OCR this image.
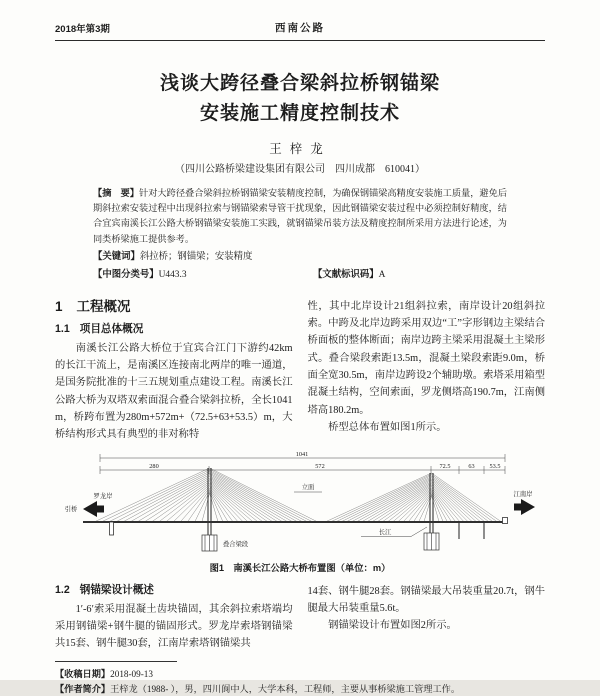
2018年第3期	西南公路
浅谈大跨径叠合梁斜拉桥钢锚梁
安装施工精度控制技术
王梓龙
（四川公路桥梁建设集团有限公司　四川成都　610041）
【摘　要】针对大跨径叠合梁斜拉桥钢锚梁安装精度控制，为确保钢锚梁高精度安装施工质量，避免后期斜拉索安装过程中出现斜拉索与钢锚梁索导管干扰现象，因此钢锚梁安装过程中必须控制好精度，结合宜宾南溪长江公路大桥钢锚梁安装施工实践，就钢锚梁吊装方法及精度控制所采用方法进行论述，为同类桥梁施工提供参考。
【关键词】斜拉桥；钢锚梁；安装精度
【中图分类号】U443.3	【文献标识码】A
1 工程概况
1.1 项目总体概况

南溪长江公路大桥位于宜宾合江门下游约42km的长江干流上，是南溪区连接南北两岸的唯一通道，是国务院批准的十三五规划重点建设工程。南溪长江公路大桥为双塔双索面混合叠合梁斜拉桥，全长1041m，桥跨布置为280m+572m+（72.5+63+53.5）m，大桥结构形式具有典型的非对称特

性，其中北岸设计21组斜拉索，南岸设计20组斜拉索。中跨及北岸边跨采用双边“工”字形钢边主梁结合桥面板的整体断面；南岸边跨主梁采用混凝土主梁形式。叠合梁段索距13.5m，混凝土梁段索距9.0m，桥面全宽30.5m，南岸边跨设2个辅助墩。索塔采用箱型混凝土结构，空间索面，罗龙侧塔高190.7m，江南侧塔高180.2m。

桥型总体布置如图1所示。

1041
280	572	72.5	63 53.5
立面
罗龙岸
引桥
江南岸
长江
叠合梁段
图1　南溪长江公路大桥布置图（单位：m）
1.2 钢锚梁设计概述

1′-6′索采用混凝土齿块锚固，其余斜拉索塔端均采用钢锚梁+钢牛腿的锚固形式。罗龙岸索塔钢锚梁共15套、钢牛腿30套，江南岸索塔钢锚梁共

14套、钢牛腿28套。钢锚梁最大吊装重量20.7t，钢牛腿最大吊装重量5.6t。

钢锚梁设计布置如图2所示。

【收稿日期】2018-09-13
【作者简介】王梓龙（1988- ），男，四川阆中人，大学本科，工程师，主要从事桥梁施工管理工作。
